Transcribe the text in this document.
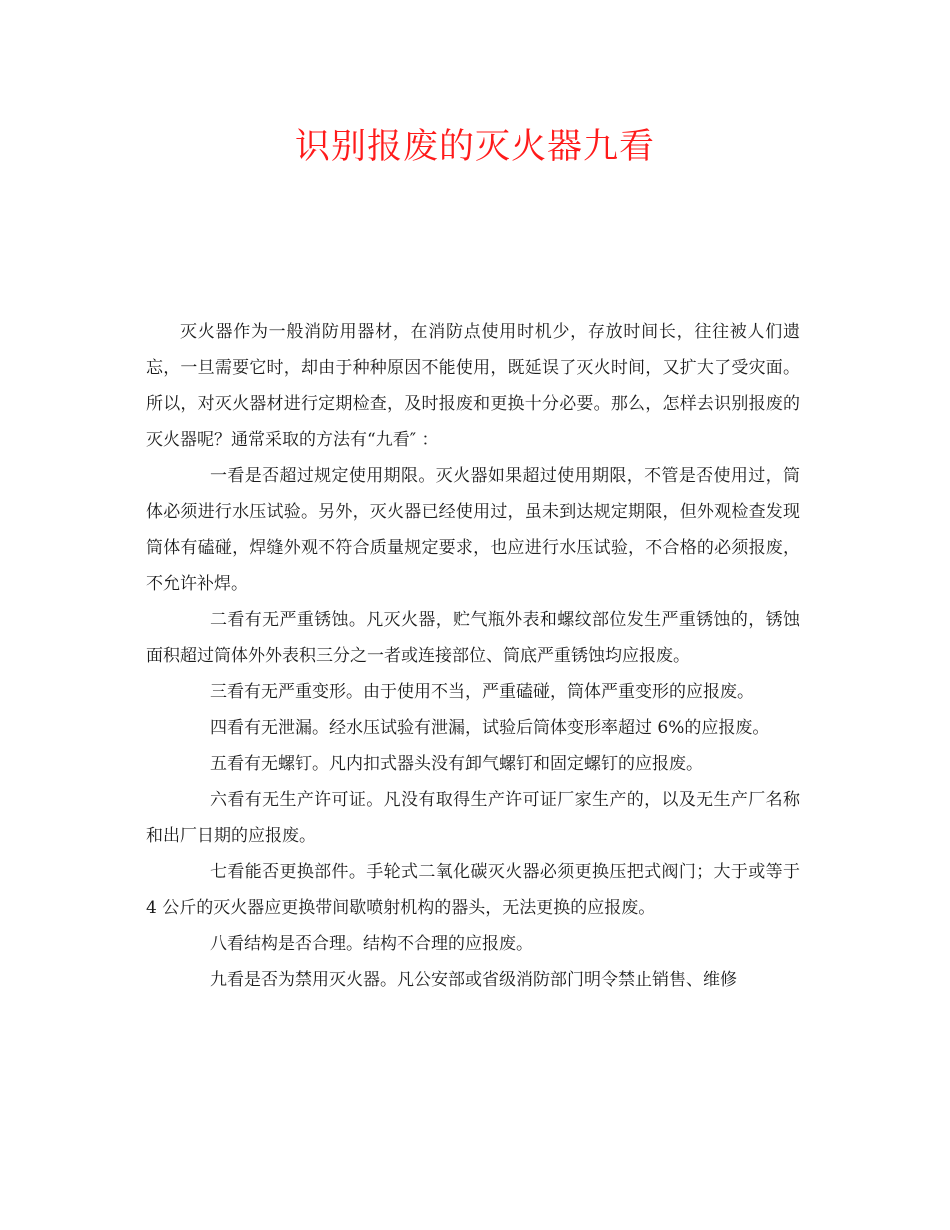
识别报废的灭火器九看

灭火器作为一般消防用器材，在消防点使用时机少，存放时间长，往往被人们遗忘，一旦需要它时，却由于种种原因不能使用，既延误了灭火时间，又扩大了受灾面。所以，对灭火器材进行定期检查，及时报废和更换十分必要。那么，怎样去识别报废的灭火器呢？通常采取的方法有“九看″ ：

一看是否超过规定使用期限。灭火器如果超过使用期限，不管是否使用过，筒体必须进行水压试验。另外，灭火器已经使用过，虽未到达规定期限，但外观检查发现筒体有磕碰，焊缝外观不符合质量规定要求，也应进行水压试验，不合格的必须报废，不允许补焊。

二看有无严重锈蚀。凡灭火器，贮气瓶外表和螺纹部位发生严重锈蚀的，锈蚀面积超过筒体外外表积三分之一者或连接部位、筒底严重锈蚀均应报废。

三看有无严重变形。由于使用不当，严重磕碰，筒体严重变形的应报废。

四看有无泄漏。经水压试验有泄漏，试验后筒体变形率超过 6%的应报废。

五看有无螺钉。凡内扣式器头没有卸气螺钉和固定螺钉的应报废。

六看有无生产许可证。凡没有取得生产许可证厂家生产的，以及无生产厂名称和出厂日期的应报废。

七看能否更换部件。手轮式二氧化碳灭火器必须更换压把式阀门；大于或等于 4 公斤的灭火器应更换带间歇喷射机构的器头，无法更换的应报废。

八看结构是否合理。结构不合理的应报废。

九看是否为禁用灭火器。凡公安部或省级消防部门明令禁止销售、维修
